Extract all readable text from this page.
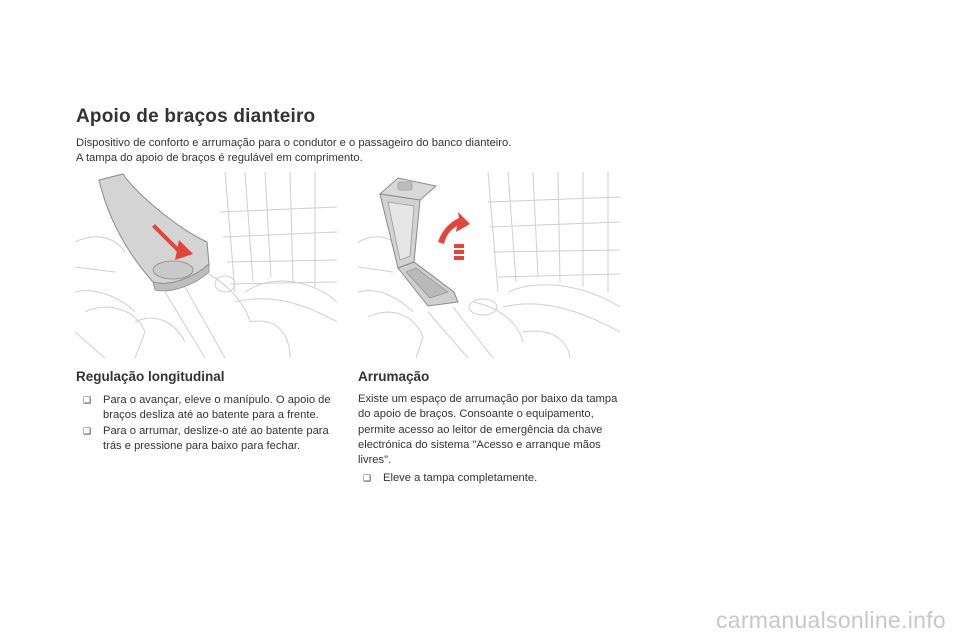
Apoio de braços dianteiro
Dispositivo de conforto e arrumação para o condutor e o passageiro do banco dianteiro.
A tampa do apoio de braços é regulável em comprimento.
Regulação longitudinal	Arrumação
❑ Para o avançar, eleve o manípulo. O apoio de braços desliza até ao batente para a frente.
❑ Para o arrumar, deslize-o até ao batente para trás e pressione para baixo para fechar.

Existe um espaço de arrumação por baixo da tampa do apoio de braços. Consoante o equipamento, permite acesso ao leitor de emergência da chave electrónica do sistema "Acesso e arranque mãos livres".

❑ Eleve a tampa completamente.
carmanualsonline.info
